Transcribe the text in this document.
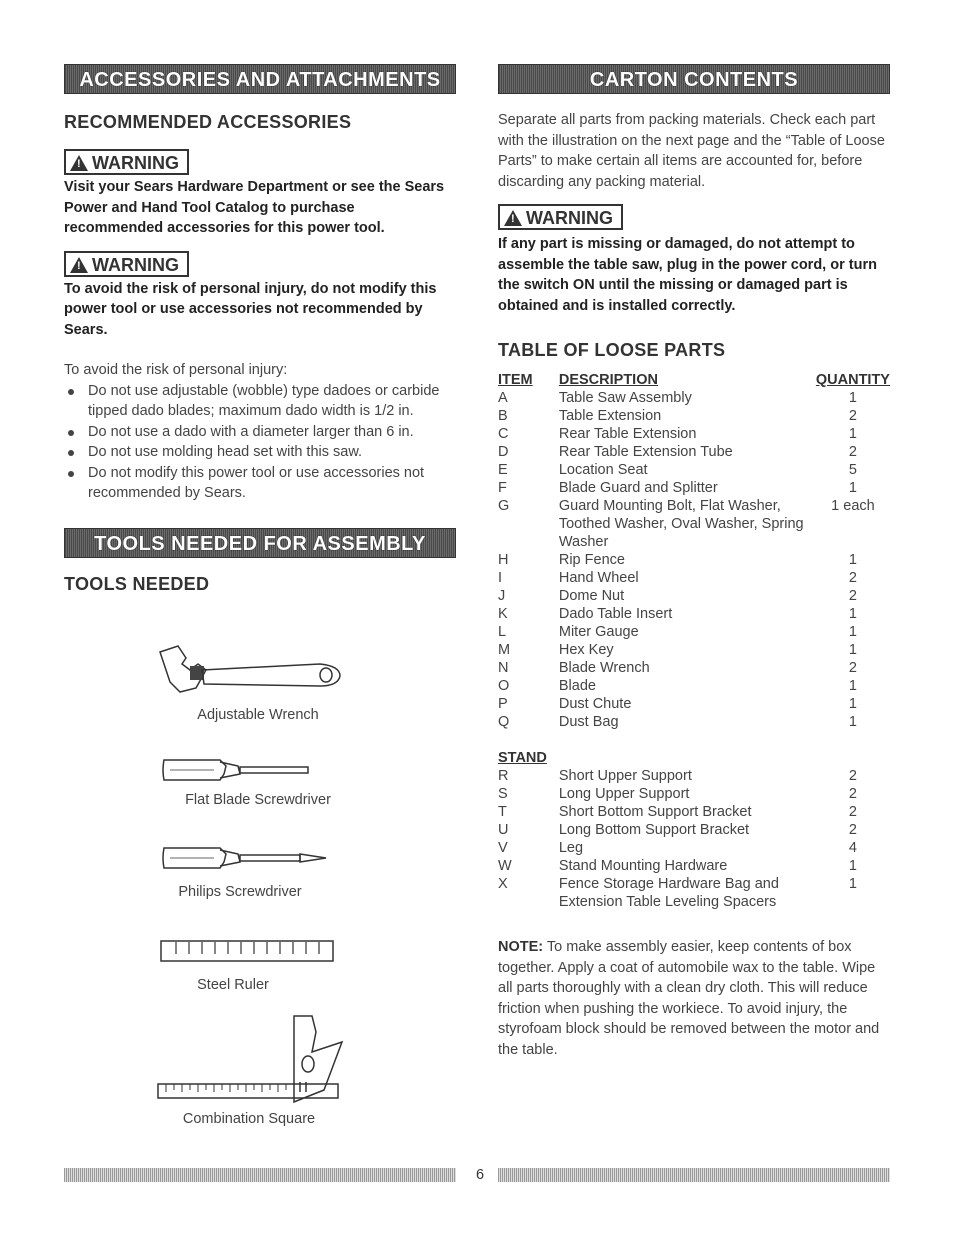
ACCESSORIES AND ATTACHMENTS
RECOMMENDED ACCESSORIES
!WARNING
Visit your Sears Hardware Department or see the Sears Power and Hand Tool Catalog to purchase recommended accessories for this power tool.
!WARNING
To avoid the risk of personal injury, do not modify this power tool or use accessories not recommended by Sears.
To avoid the risk of personal injury:
Do not use adjustable (wobble) type dadoes or carbide tipped dado blades; maximum dado width is 1/2 in.
Do not use a dado with a diameter larger than 6 in.
Do not use molding head set with this saw.
Do not modify this power tool or use accessories not recommended by Sears.
TOOLS NEEDED FOR ASSEMBLY
TOOLS NEEDED
Adjustable Wrench
Flat Blade Screwdriver
Philips Screwdriver
Steel Ruler
Combination Square
CARTON CONTENTS
Separate all parts from packing materials. Check each part with the illustration on the next page and the “Table of Loose Parts” to make certain all items are accounted for, before discarding any packing material.
!WARNING
If any part is missing or damaged, do not attempt to assemble the table saw, plug in the power cord, or turn the switch ON until the missing or damaged part is obtained and is installed correctly.
TABLE OF LOOSE PARTS
ITEM	DESCRIPTION	QUANTITY
A	Table Saw Assembly	1
B	Table Extension	2
C	Rear Table Extension	1
D	Rear Table Extension Tube	2
E	Location Seat	5
F	Blade Guard and Splitter	1
G	Guard Mounting Bolt, Flat Washer, Toothed Washer, Oval Washer, Spring Washer	1 each
H	Rip Fence	1
I	Hand Wheel	2
J	Dome Nut	2
K	Dado Table Insert	1
L	Miter Gauge	1
M	Hex Key	1
N	Blade Wrench	2
O	Blade	1
P	Dust Chute	1
Q	Dust Bag	1
STAND		
R	Short Upper Support	2
S	Long Upper Support	2
T	Short Bottom Support Bracket	2
U	Long Bottom Support Bracket	2
V	Leg	4
W	Stand Mounting Hardware	1
X	Fence Storage Hardware Bag and Extension Table Leveling Spacers	1
NOTE: To make assembly easier, keep contents of box together. Apply a coat of automobile wax to the table. Wipe all parts thoroughly with a clean dry cloth. This will reduce friction when pushing the workiece. To avoid injury, the styrofoam block should be removed between the motor and the table.
6
